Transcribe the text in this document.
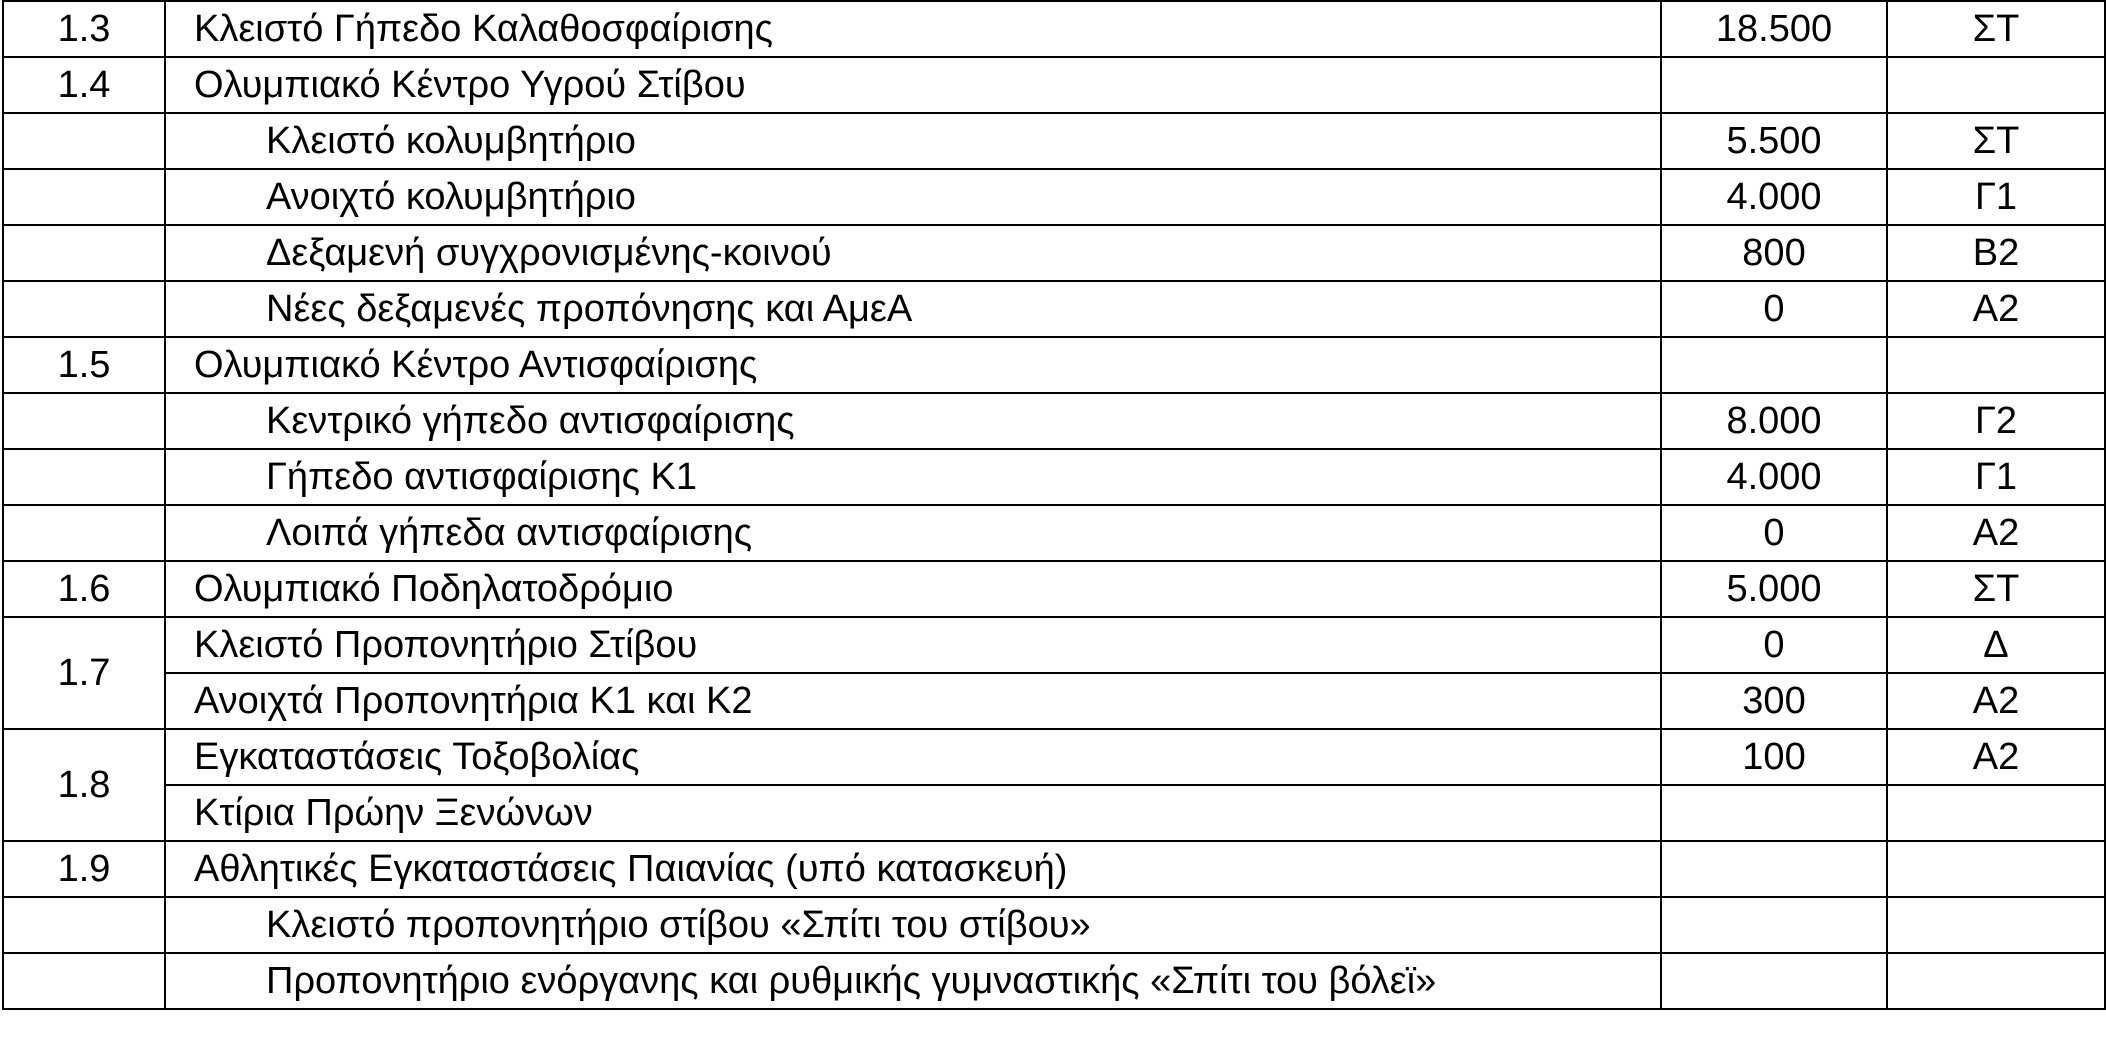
1.3	Κλειστό Γήπεδο Καλαθοσφαίρισης	18.500	ΣΤ
1.4	Ολυμπιακό Κέντρο Υγρού Στίβου		
	Κλειστό κολυμβητήριο	5.500	ΣΤ
	Ανοιχτό κολυμβητήριο	4.000	Γ1
	Δεξαμενή συγχρονισμένης-κοινού	800	Β2
	Νέες δεξαμενές προπόνησης και ΑμεΑ	0	Α2
1.5	Ολυμπιακό Κέντρο Αντισφαίρισης		
	Κεντρικό γήπεδο αντισφαίρισης	8.000	Γ2
	Γήπεδο αντισφαίρισης Κ1	4.000	Γ1
	Λοιπά γήπεδα αντισφαίρισης	0	Α2
1.6	Ολυμπιακό Ποδηλατοδρόμιο	5.000	ΣΤ
1.7	Κλειστό Προπονητήριο Στίβου	0	Δ
	Ανοιχτά Προπονητήρια Κ1 και Κ2	300	Α2
1.8	Εγκαταστάσεις Τοξοβολίας	100	Α2
	Κτίρια Πρώην Ξενώνων		
1.9	Αθλητικές Εγκαταστάσεις Παιανίας (υπό κατασκευή)		
	Κλειστό προπονητήριο στίβου «Σπίτι του στίβου»		
	Προπονητήριο ενόργανης και ρυθμικής γυμναστικής «Σπίτι του βόλεϊ»		
